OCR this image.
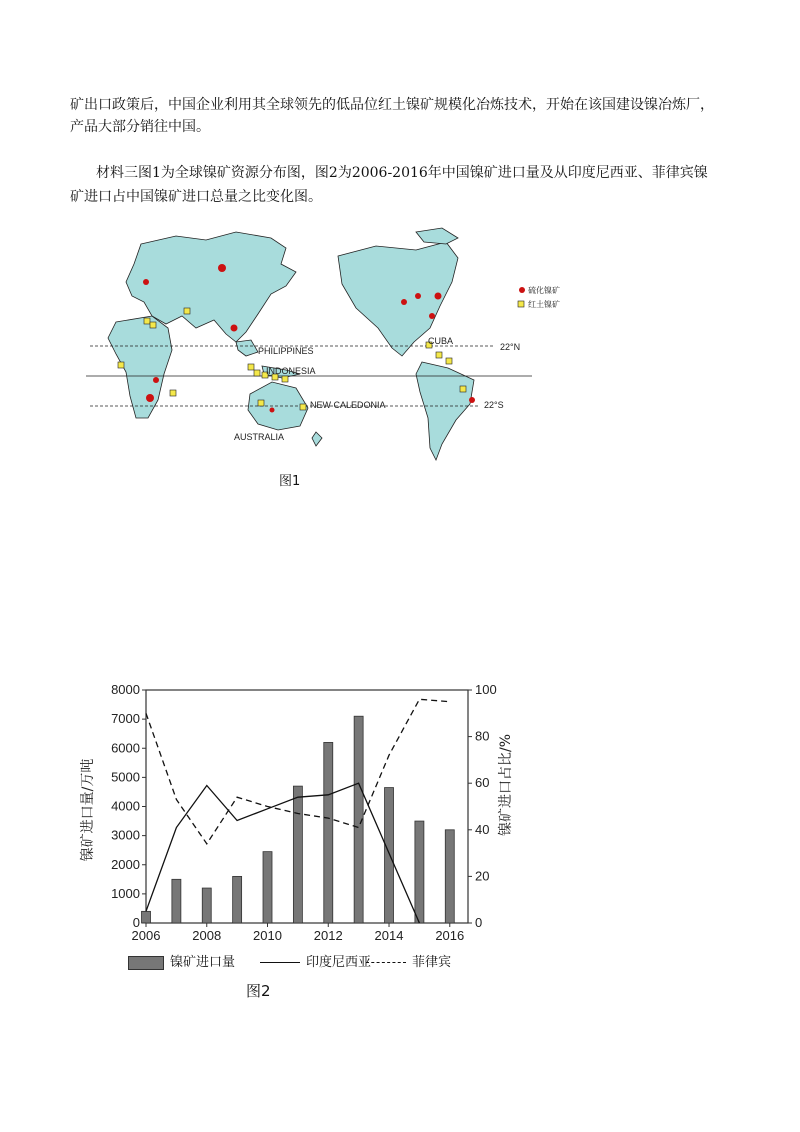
矿出口政策后，中国企业利用其全球领先的低品位红土镍矿规模化冶炼技术，开始在该国建设镍冶炼厂，

产品大部分销往中国。

材料三图1为全球镍矿资源分布图，图2为2006-2016年中国镍矿进口量及从印度尼西亚、菲律宾镍

矿进口占中国镍矿进口总量之比变化图。

PHILIPPINES
INDONESIA
NEW CALEDONIA
AUSTRALIA
CUBA
22°N
22°S
硫化镍矿
红土镍矿
图1
0
1000
2000
3000
4000
5000
6000
7000
8000
0
20
40
60
80
100
2006 2008 2010 2012 2014 2016
镍矿进口量/万吨	镍矿进口占比/%
镍矿进口量	印度尼西亚	菲律宾
图2
